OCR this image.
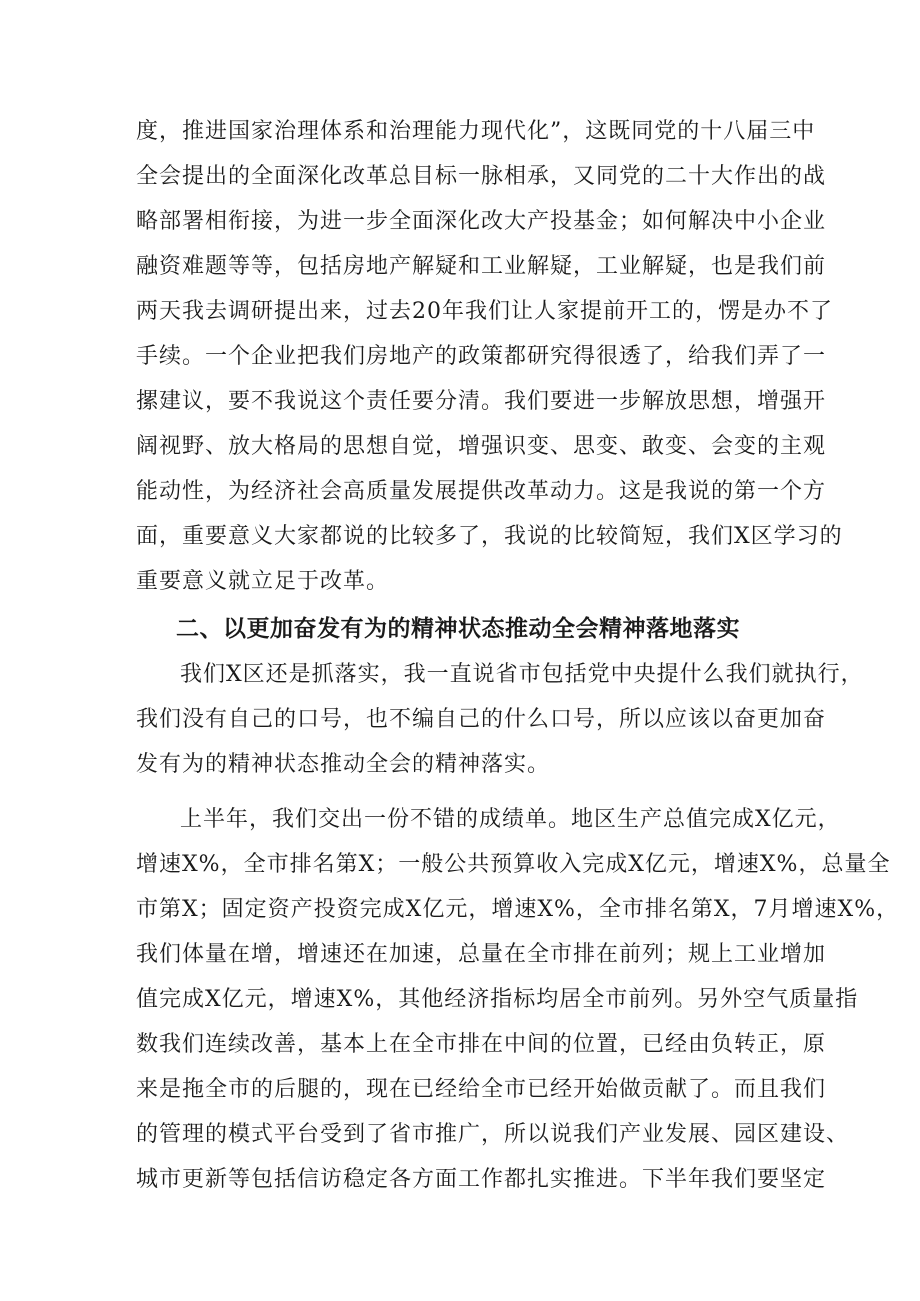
度，推进国家治理体系和治理能力现代化”，这既同党的十八届三中
全会提出的全面深化改革总目标一脉相承，又同党的二十大作出的战
略部署相衔接，为进一步全面深化改大产投基金；如何解决中小企业
融资难题等等，包括房地产解疑和工业解疑，工业解疑，也是我们前
两天我去调研提出来，过去20年我们让人家提前开工的，愣是办不了
手续。一个企业把我们房地产的政策都研究得很透了，给我们弄了一
摞建议，要不我说这个责任要分清。我们要进一步解放思想，增强开
阔视野、放大格局的思想自觉，增强识变、思变、敢变、会变的主观
能动性，为经济社会高质量发展提供改革动力。这是我说的第一个方
面，重要意义大家都说的比较多了，我说的比较简短，我们X区学习的
重要意义就立足于改革。
二、以更加奋发有为的精神状态推动全会精神落地落实
我们X区还是抓落实，我一直说省市包括党中央提什么我们就执行，
我们没有自己的口号，也不编自己的什么口号，所以应该以奋更加奋
发有为的精神状态推动全会的精神落实。
上半年，我们交出一份不错的成绩单。地区生产总值完成X亿元，
增速X%，全市排名第X；一般公共预算收入完成X亿元，增速X%，总量全
市第X；固定资产投资完成X亿元，增速X%，全市排名第X，7月增速X%，
我们体量在增，增速还在加速，总量在全市排在前列；规上工业增加
值完成X亿元，增速X%，其他经济指标均居全市前列。另外空气质量指
数我们连续改善，基本上在全市排在中间的位置，已经由负转正，原
来是拖全市的后腿的，现在已经给全市已经开始做贡献了。而且我们
的管理的模式平台受到了省市推广，所以说我们产业发展、园区建设、
城市更新等包括信访稳定各方面工作都扎实推进。下半年我们要坚定
